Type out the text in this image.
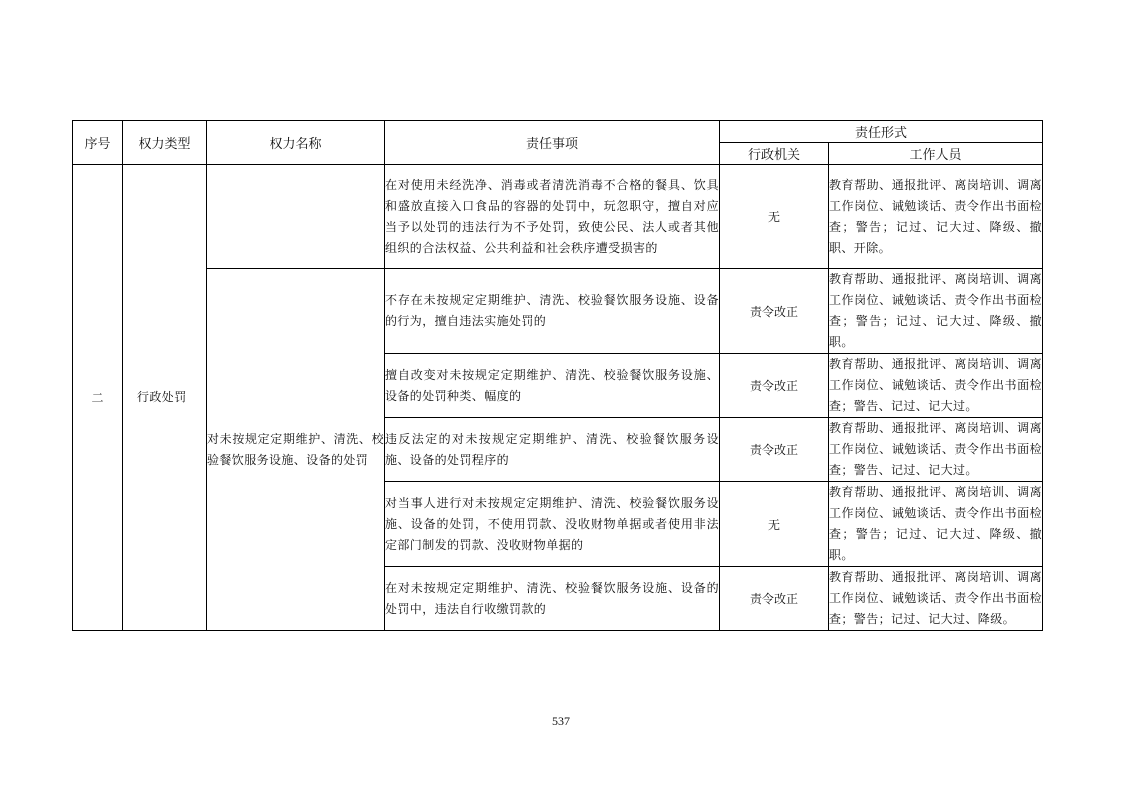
序号	权力类型	权力名称	责任事项	责任形式	
				行政机关	工作人员
二	行政处罚		在对使用未经洗净、消毒或者清洗消毒不合格的餐具、饮具和盛放直接入口食品的容器的处罚中，玩忽职守，擅自对应当予以处罚的违法行为不予处罚，致使公民、法人或者其他组织的合法权益、公共利益和社会秩序遭受损害的	无	教育帮助、通报批评、离岗培训、调离工作岗位、诫勉谈话、责令作出书面检查；警告；记过、记大过、降级、撤职、开除。
		对未按规定定期维护、清洗、校验餐饮服务设施、设备的处罚	不存在未按规定定期维护、清洗、校验餐饮服务设施、设备的行为，擅自违法实施处罚的	责令改正	教育帮助、通报批评、离岗培训、调离工作岗位、诫勉谈话、责令作出书面检查；警告；记过、记大过、降级、撤职。
			擅自改变对未按规定定期维护、清洗、校验餐饮服务设施、设备的处罚种类、幅度的	责令改正	教育帮助、通报批评、离岗培训、调离工作岗位、诫勉谈话、责令作出书面检查；警告、记过、记大过。
			违反法定的对未按规定定期维护、清洗、校验餐饮服务设施、设备的处罚程序的	责令改正	教育帮助、通报批评、离岗培训、调离工作岗位、诫勉谈话、责令作出书面检查；警告、记过、记大过。
			对当事人进行对未按规定定期维护、清洗、校验餐饮服务设施、设备的处罚，不使用罚款、没收财物单据或者使用非法定部门制发的罚款、没收财物单据的	无	教育帮助、通报批评、离岗培训、调离工作岗位、诫勉谈话、责令作出书面检查；警告；记过、记大过、降级、撤职。
			在对未按规定定期维护、清洗、校验餐饮服务设施、设备的处罚中，违法自行收缴罚款的	责令改正	教育帮助、通报批评、离岗培训、调离工作岗位、诫勉谈话、责令作出书面检查；警告；记过、记大过、降级。
537
